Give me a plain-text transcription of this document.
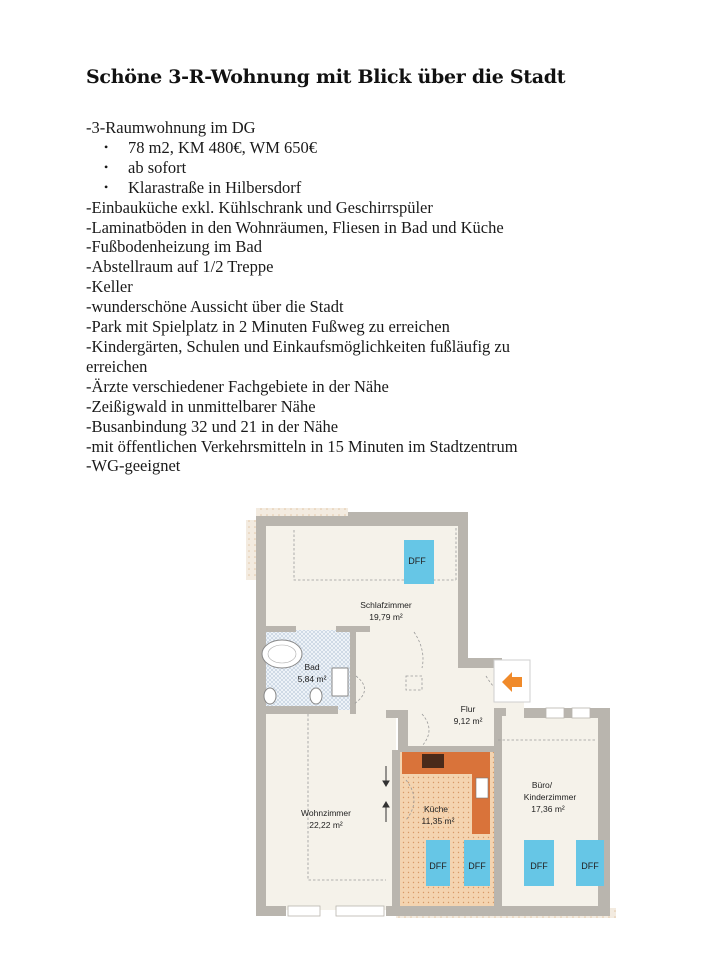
Schöne 3-R-Wohnung mit Blick über die Stadt
-3-Raumwohnung im DG
• 78 m2, KM 480€, WM 650€
• ab sofort
• Klarastraße in Hilbersdorf
-Einbauküche exkl. Kühlschrank und Geschirrspüler
-Laminatböden in den Wohnräumen, Fliesen in Bad und Küche
-Fußbodenheizung im Bad
-Abstellraum auf 1/2 Treppe
-Keller
-wunderschöne Aussicht über die Stadt
-Park mit Spielplatz in 2 Minuten Fußweg zu erreichen
-Kindergärten, Schulen und Einkaufsmöglichkeiten fußläufig zu
erreichen
-Ärzte verschiedener Fachgebiete in der Nähe
-Zeißigwald in unmittelbarer Nähe
-Busanbindung 32 und 21 in der Nähe
-mit öffentlichen Verkehrsmitteln in 15 Minuten im Stadtzentrum
-WG-geeignet
DFF
DFF DFF	DFF	DFF
Schlafzimmer
19,79 m²
Bad
5,84 m²
Flur
9,12 m²
Wohnzimmer
22,22 m²
Küche
11,35 m²
Büro/
Kinderzimmer
17,36 m²
